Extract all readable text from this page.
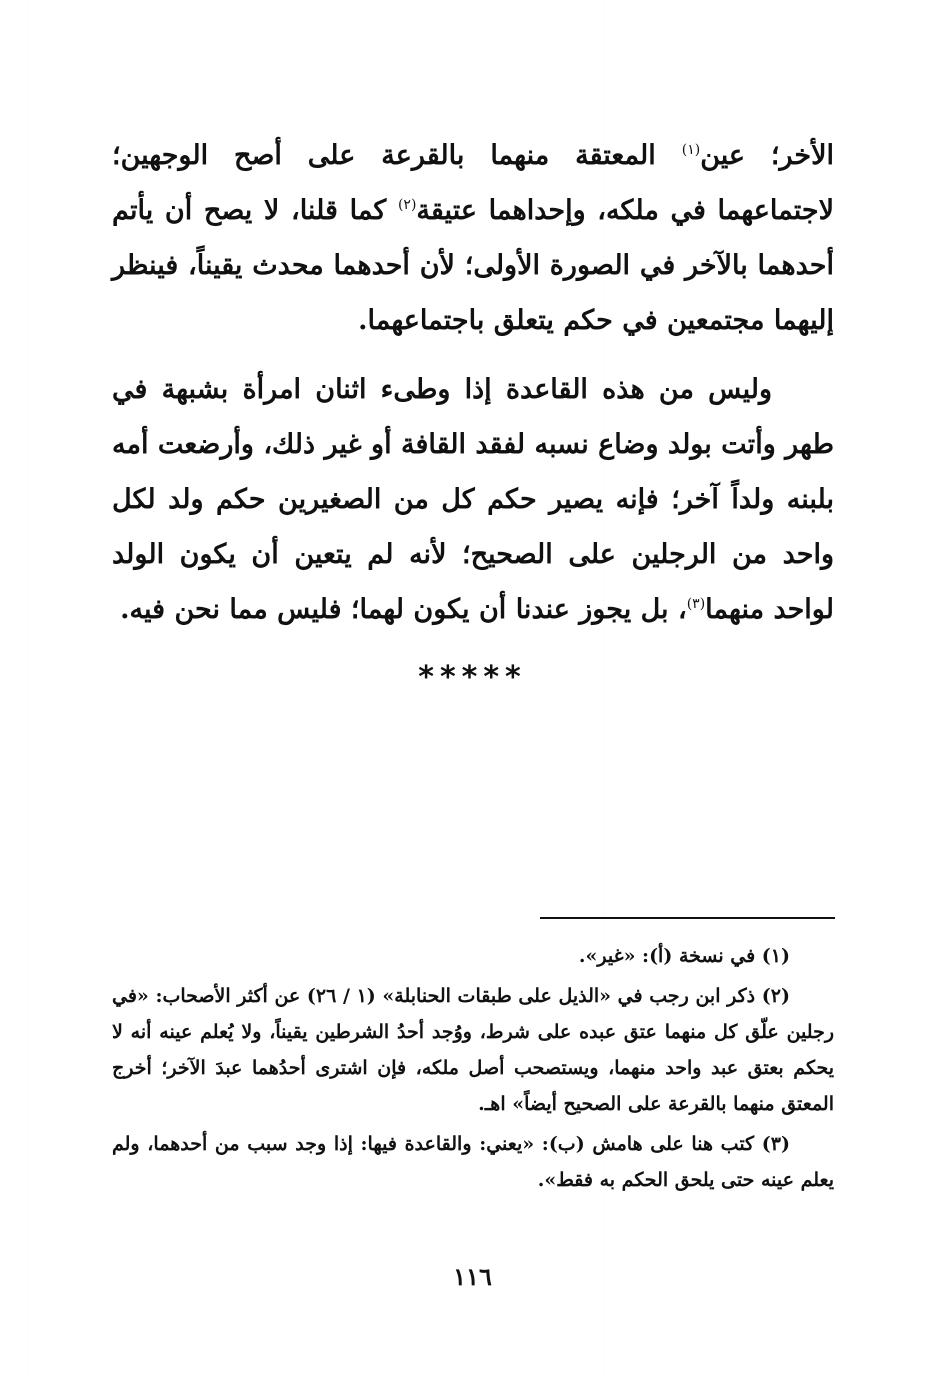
الأخر؛ عين$^{(١)}$ المعتقة منهما بالقرعة على أصح الوجهين؛ لاجتماعهما في ملكه، وإحداهما عتيقة$^{(٢)}$ كما قلنا، لا يصح أن يأتم أحدهما بالآخر في الصورة الأولى؛ لأن أحدهما محدث يقيناً، فينظر إليهما مجتمعين في حكم يتعلق باجتماعهما.

وليس من هذه القاعدة إذا وطىء اثنان امرأة بشبهة في طهر وأتت بولد وضاع نسبه لفقد القافة أو غير ذلك، وأرضعت أمه بلبنه ولداً آخر؛ فإنه يصير حكم كل من الصغيرين حكم ولد لكل واحد من الرجلين على الصحيح؛ لأنه لم يتعين أن يكون الولد لواحد منهما$^{(٣)}$، بل يجوز عندنا أن يكون لهما؛ فليس مما نحن فيه.

*****

(١) في نسخة (أ): «غير».

(٢) ذكر ابن رجب في «الذيل على طبقات الحنابلة» (١ / ٢٦) عن أكثر الأصحاب: «في رجلين علّق كل منهما عتق عبده على شرط، ووُجد أحدُ الشرطين يقيناً، ولا يُعلم عينه أنه لا يحكم بعتق عبد واحد منهما، ويستصحب أصل ملكه، فإن اشترى أحدُهما عبدَ الآخر؛ أخرج المعتق منهما بالقرعة على الصحيح أيضاً» اهـ.

(٣) كتب هنا على هامش (ب): «يعني: والقاعدة فيها: إذا وجد سبب من أحدهما، ولم يعلم عينه حتى يلحق الحكم به فقط».

١١٦
